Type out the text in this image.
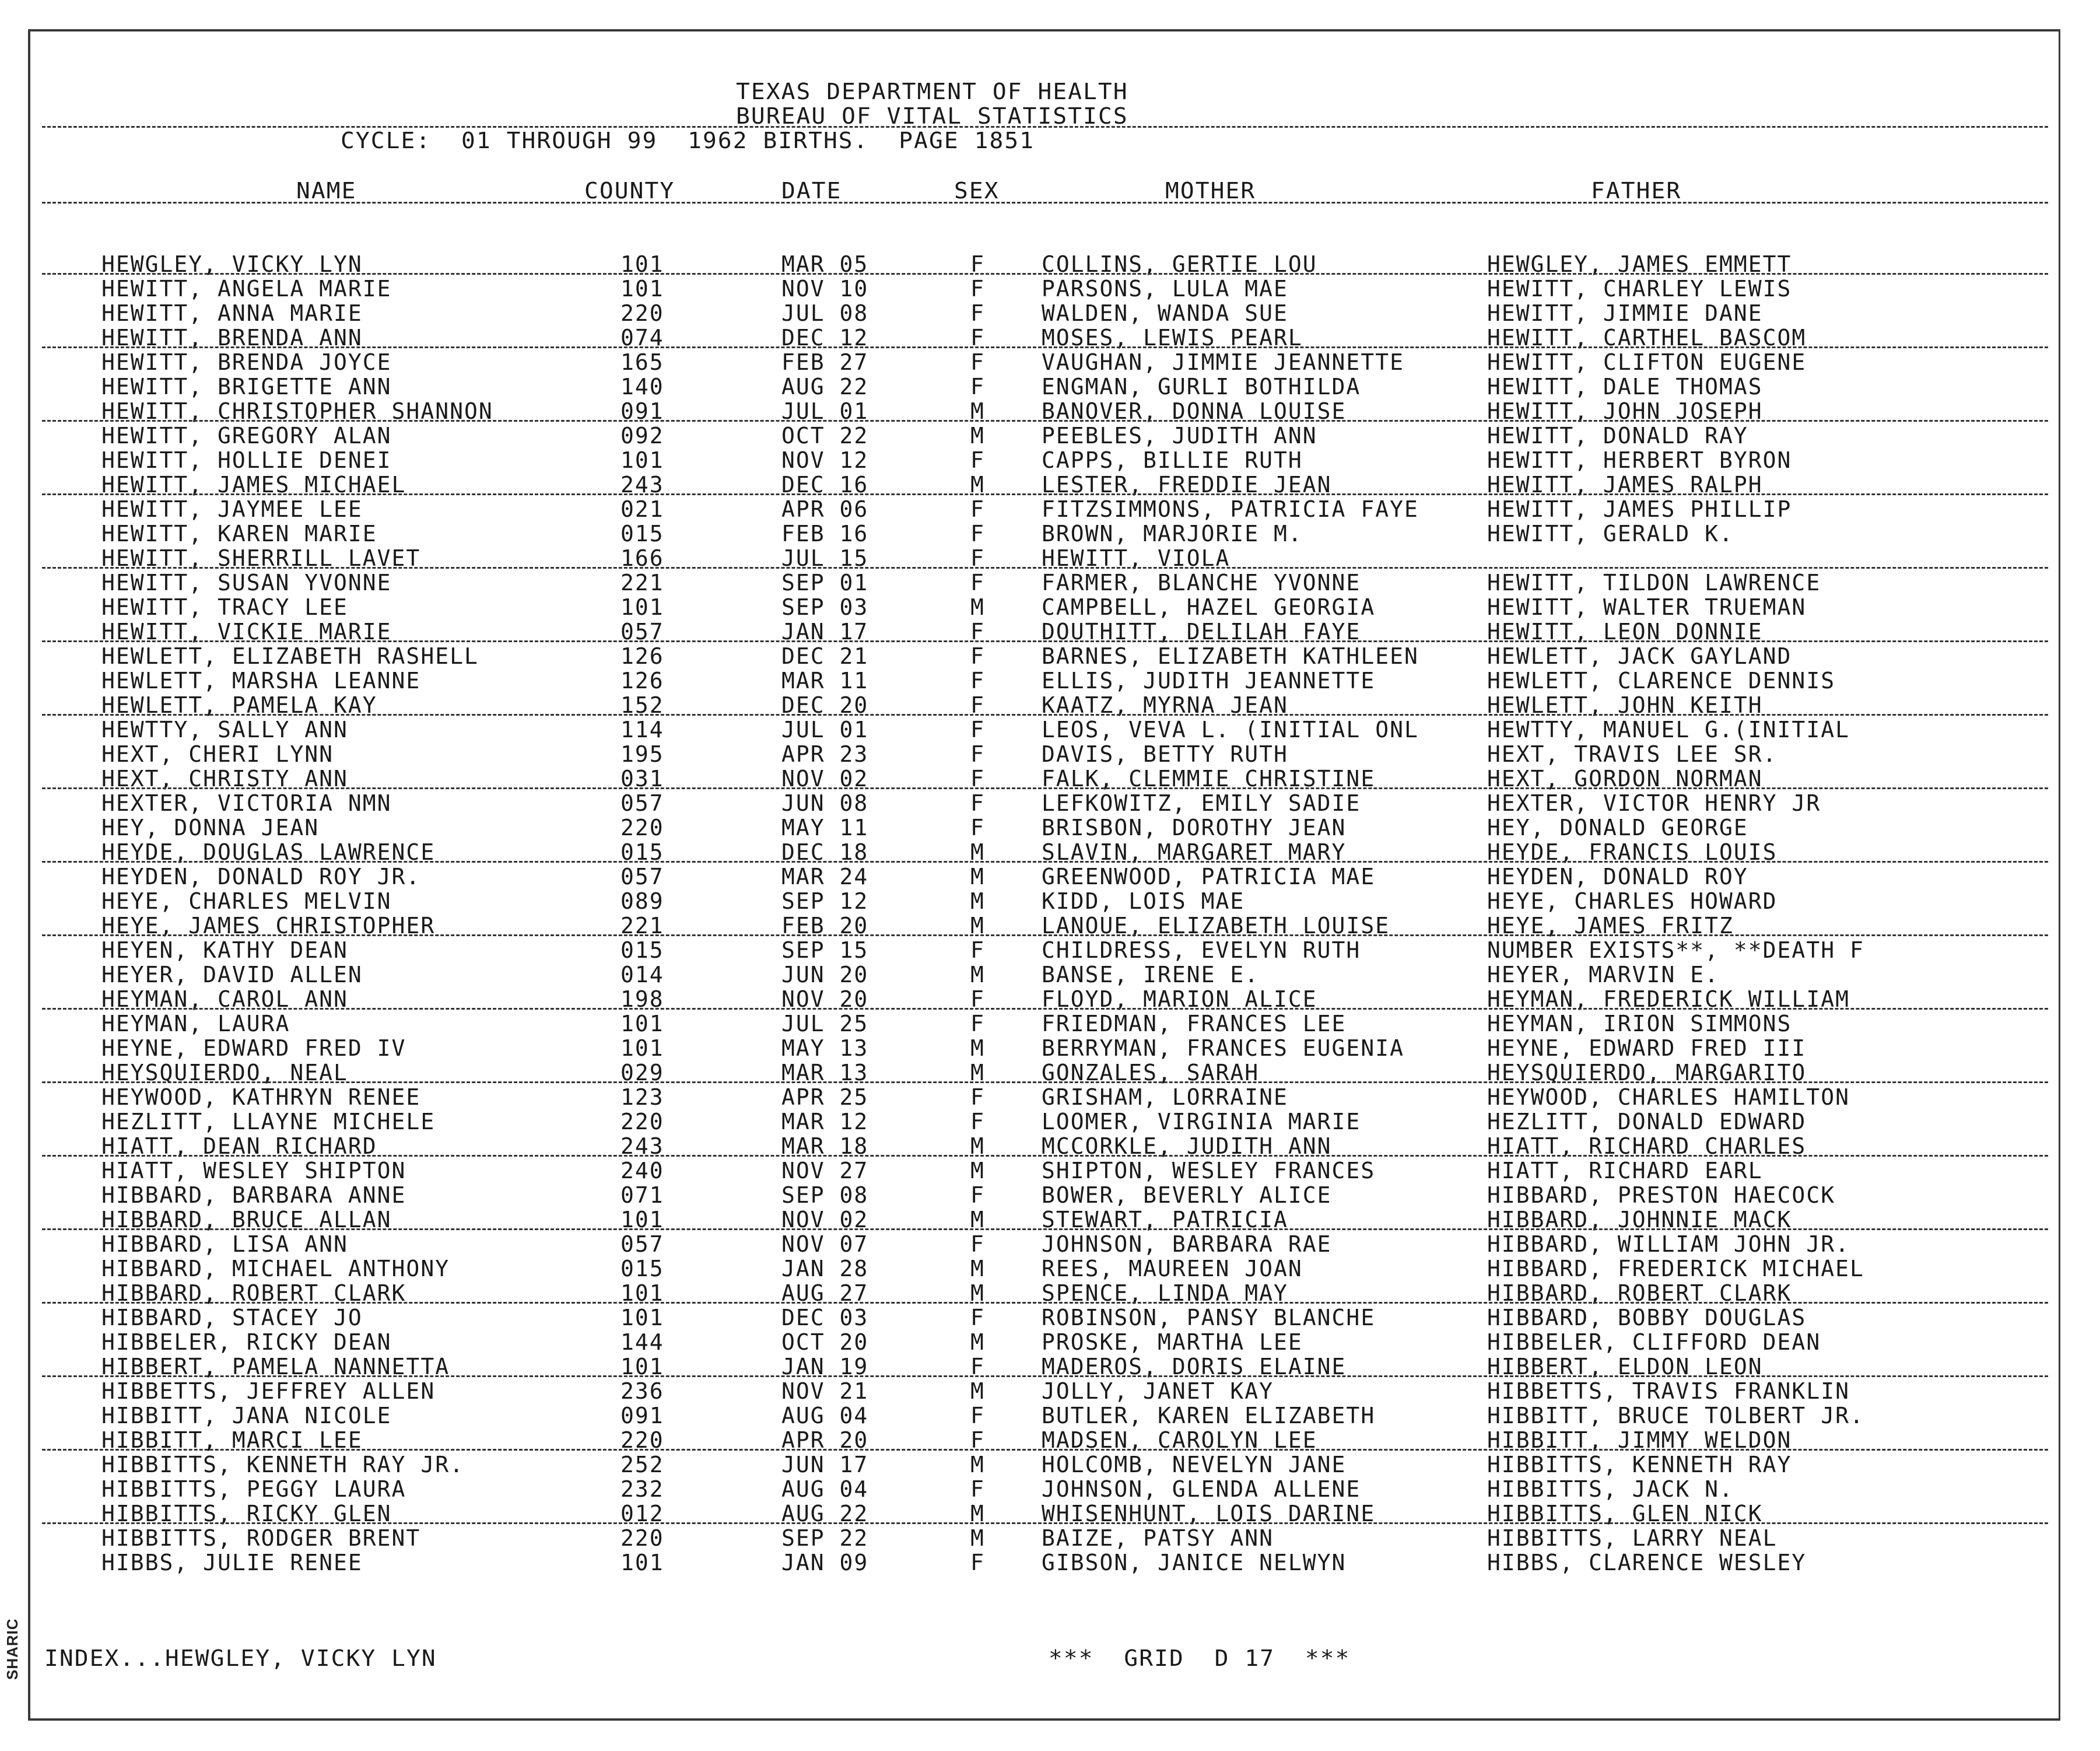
SHARIC
TEXAS DEPARTMENT OF HEALTH
BUREAU OF VITAL STATISTICS
CYCLE:  01 THROUGH 99  1962 BIRTHS.  PAGE 1851
NAME	COUNTY	DATE	SEX	MOTHER	FATHER
HEWGLEY, VICKY LYN	101	MAR 05	F	COLLINS, GERTIE LOU	HEWGLEY, JAMES EMMETT
HEWITT, ANGELA MARIE	101	NOV 10	F	PARSONS, LULA MAE	HEWITT, CHARLEY LEWIS
HEWITT, ANNA MARIE	220	JUL 08	F	WALDEN, WANDA SUE	HEWITT, JIMMIE DANE
HEWITT, BRENDA ANN	074	DEC 12	F	MOSES, LEWIS PEARL	HEWITT, CARTHEL BASCOM
HEWITT, BRENDA JOYCE	165	FEB 27	F	VAUGHAN, JIMMIE JEANNETTE	HEWITT, CLIFTON EUGENE
HEWITT, BRIGETTE ANN	140	AUG 22	F	ENGMAN, GURLI BOTHILDA	HEWITT, DALE THOMAS
HEWITT, CHRISTOPHER SHANNON	091	JUL 01	M	BANOVER, DONNA LOUISE	HEWITT, JOHN JOSEPH
HEWITT, GREGORY ALAN	092	OCT 22	M	PEEBLES, JUDITH ANN	HEWITT, DONALD RAY
HEWITT, HOLLIE DENEI	101	NOV 12	F	CAPPS, BILLIE RUTH	HEWITT, HERBERT BYRON
HEWITT, JAMES MICHAEL	243	DEC 16	M	LESTER, FREDDIE JEAN	HEWITT, JAMES RALPH
HEWITT, JAYMEE LEE	021	APR 06	F	FITZSIMMONS, PATRICIA FAYE	HEWITT, JAMES PHILLIP
HEWITT, KAREN MARIE	015	FEB 16	F	BROWN, MARJORIE M.	HEWITT, GERALD K.
HEWITT, SHERRILL LAVET	166	JUL 15	F	HEWITT, VIOLA
HEWITT, SUSAN YVONNE	221	SEP 01	F	FARMER, BLANCHE YVONNE	HEWITT, TILDON LAWRENCE
HEWITT, TRACY LEE	101	SEP 03	M	CAMPBELL, HAZEL GEORGIA	HEWITT, WALTER TRUEMAN
HEWITT, VICKIE MARIE	057	JAN 17	F	DOUTHITT, DELILAH FAYE	HEWITT, LEON DONNIE
HEWLETT, ELIZABETH RASHELL	126	DEC 21	F	BARNES, ELIZABETH KATHLEEN	HEWLETT, JACK GAYLAND
HEWLETT, MARSHA LEANNE	126	MAR 11	F	ELLIS, JUDITH JEANNETTE	HEWLETT, CLARENCE DENNIS
HEWLETT, PAMELA KAY	152	DEC 20	F	KAATZ, MYRNA JEAN	HEWLETT, JOHN KEITH
HEWTTY, SALLY ANN	114	JUL 01	F	LEOS, VEVA L. (INITIAL ONL	HEWTTY, MANUEL G.(INITIAL
HEXT, CHERI LYNN	195	APR 23	F	DAVIS, BETTY RUTH	HEXT, TRAVIS LEE SR.
HEXT, CHRISTY ANN	031	NOV 02	F	FALK, CLEMMIE CHRISTINE	HEXT, GORDON NORMAN
HEXTER, VICTORIA NMN	057	JUN 08	F	LEFKOWITZ, EMILY SADIE	HEXTER, VICTOR HENRY JR
HEY, DONNA JEAN	220	MAY 11	F	BRISBON, DOROTHY JEAN	HEY, DONALD GEORGE
HEYDE, DOUGLAS LAWRENCE	015	DEC 18	M	SLAVIN, MARGARET MARY	HEYDE, FRANCIS LOUIS
HEYDEN, DONALD ROY JR.	057	MAR 24	M	GREENWOOD, PATRICIA MAE	HEYDEN, DONALD ROY
HEYE, CHARLES MELVIN	089	SEP 12	M	KIDD, LOIS MAE	HEYE, CHARLES HOWARD
HEYE, JAMES CHRISTOPHER	221	FEB 20	M	LANOUE, ELIZABETH LOUISE	HEYE, JAMES FRITZ
HEYEN, KATHY DEAN	015	SEP 15	F	CHILDRESS, EVELYN RUTH	NUMBER EXISTS**, **DEATH F
HEYER, DAVID ALLEN	014	JUN 20	M	BANSE, IRENE E.	HEYER, MARVIN E.
HEYMAN, CAROL ANN	198	NOV 20	F	FLOYD, MARION ALICE	HEYMAN, FREDERICK WILLIAM
HEYMAN, LAURA	101	JUL 25	F	FRIEDMAN, FRANCES LEE	HEYMAN, IRION SIMMONS
HEYNE, EDWARD FRED IV	101	MAY 13	M	BERRYMAN, FRANCES EUGENIA	HEYNE, EDWARD FRED III
HEYSQUIERDO, NEAL	029	MAR 13	M	GONZALES, SARAH	HEYSQUIERDO, MARGARITO
HEYWOOD, KATHRYN RENEE	123	APR 25	F	GRISHAM, LORRAINE	HEYWOOD, CHARLES HAMILTON
HEZLITT, LLAYNE MICHELE	220	MAR 12	F	LOOMER, VIRGINIA MARIE	HEZLITT, DONALD EDWARD
HIATT, DEAN RICHARD	243	MAR 18	M	MCCORKLE, JUDITH ANN	HIATT, RICHARD CHARLES
HIATT, WESLEY SHIPTON	240	NOV 27	M	SHIPTON, WESLEY FRANCES	HIATT, RICHARD EARL
HIBBARD, BARBARA ANNE	071	SEP 08	F	BOWER, BEVERLY ALICE	HIBBARD, PRESTON HAECOCK
HIBBARD, BRUCE ALLAN	101	NOV 02	M	STEWART, PATRICIA	HIBBARD, JOHNNIE MACK
HIBBARD, LISA ANN	057	NOV 07	F	JOHNSON, BARBARA RAE	HIBBARD, WILLIAM JOHN JR.
HIBBARD, MICHAEL ANTHONY	015	JAN 28	M	REES, MAUREEN JOAN	HIBBARD, FREDERICK MICHAEL
HIBBARD, ROBERT CLARK	101	AUG 27	M	SPENCE, LINDA MAY	HIBBARD, ROBERT CLARK
HIBBARD, STACEY JO	101	DEC 03	F	ROBINSON, PANSY BLANCHE	HIBBARD, BOBBY DOUGLAS
HIBBELER, RICKY DEAN	144	OCT 20	M	PROSKE, MARTHA LEE	HIBBELER, CLIFFORD DEAN
HIBBERT, PAMELA NANNETTA	101	JAN 19	F	MADEROS, DORIS ELAINE	HIBBERT, ELDON LEON
HIBBETTS, JEFFREY ALLEN	236	NOV 21	M	JOLLY, JANET KAY	HIBBETTS, TRAVIS FRANKLIN
HIBBITT, JANA NICOLE	091	AUG 04	F	BUTLER, KAREN ELIZABETH	HIBBITT, BRUCE TOLBERT JR.
HIBBITT, MARCI LEE	220	APR 20	F	MADSEN, CAROLYN LEE	HIBBITT, JIMMY WELDON
HIBBITTS, KENNETH RAY JR.	252	JUN 17	M	HOLCOMB, NEVELYN JANE	HIBBITTS, KENNETH RAY
HIBBITTS, PEGGY LAURA	232	AUG 04	F	JOHNSON, GLENDA ALLENE	HIBBITTS, JACK N.
HIBBITTS, RICKY GLEN	012	AUG 22	M	WHISENHUNT, LOIS DARINE	HIBBITTS, GLEN NICK
HIBBITTS, RODGER BRENT	220	SEP 22	M	BAIZE, PATSY ANN	HIBBITTS, LARRY NEAL
HIBBS, JULIE RENEE	101	JAN 09	F	GIBSON, JANICE NELWYN	HIBBS, CLARENCE WESLEY
INDEX...HEWGLEY, VICKY LYN	***  GRID  D 17  ***
